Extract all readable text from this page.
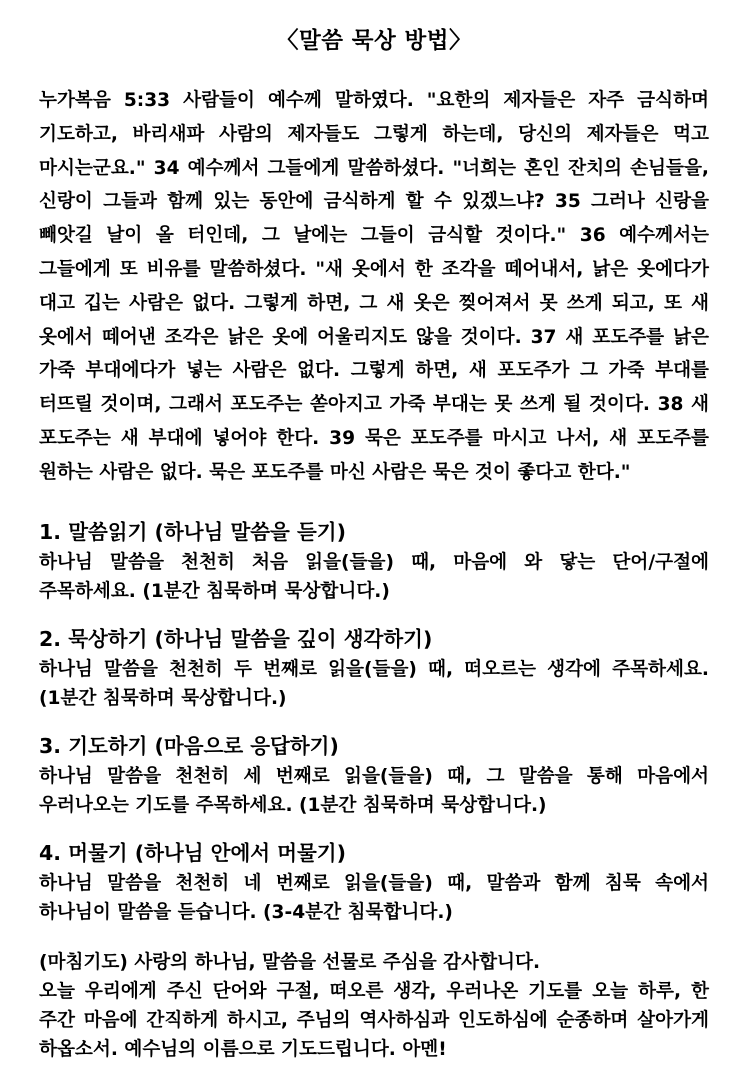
〈말씀 묵상 방법〉

누가복음 5:33 사람들이 예수께 말하였다. "요한의 제자들은 자주 금식하며 기도하고, 바리새파 사람의 제자들도 그렇게 하는데, 당신의 제자들은 먹고 마시는군요." 34 예수께서 그들에게 말씀하셨다. "너희는 혼인 잔치의 손님들을, 신랑이 그들과 함께 있는 동안에 금식하게 할 수 있겠느냐? 35 그러나 신랑을 빼앗길 날이 올 터인데, 그 날에는 그들이 금식할 것이다." 36 예수께서는 그들에게 또 비유를 말씀하셨다. "새 옷에서 한 조각을 떼어내서, 낡은 옷에다가 대고 깁는 사람은 없다. 그렇게 하면, 그 새 옷은 찢어져서 못 쓰게 되고, 또 새 옷에서 떼어낸 조각은 낡은 옷에 어울리지도 않을 것이다. 37 새 포도주를 낡은 가죽 부대에다가 넣는 사람은 없다. 그렇게 하면, 새 포도주가 그 가죽 부대를 터뜨릴 것이며, 그래서 포도주는 쏟아지고 가죽 부대는 못 쓰게 될 것이다. 38 새 포도주는 새 부대에 넣어야 한다. 39 묵은 포도주를 마시고 나서, 새 포도주를 원하는 사람은 없다. 묵은 포도주를 마신 사람은 묵은 것이 좋다고 한다."

1. 말씀읽기 (하나님 말씀을 듣기)

하나님 말씀을 천천히 처음 읽을(들을) 때, 마음에 와 닿는 단어/구절에 주목하세요. (1분간 침묵하며 묵상합니다.)

2. 묵상하기 (하나님 말씀을 깊이 생각하기)

하나님 말씀을 천천히 두 번째로 읽을(들을) 때, 떠오르는 생각에 주목하세요. (1분간 침묵하며 묵상합니다.)

3. 기도하기 (마음으로 응답하기)

하나님 말씀을 천천히 세 번째로 읽을(들을) 때, 그 말씀을 통해 마음에서 우러나오는 기도를 주목하세요. (1분간 침묵하며 묵상합니다.)

4. 머물기 (하나님 안에서 머물기)

하나님 말씀을 천천히 네 번째로 읽을(들을) 때, 말씀과 함께 침묵 속에서 하나님이 말씀을 듣습니다. (3-4분간 침묵합니다.)

(마침기도) 사랑의 하나님, 말씀을 선물로 주심을 감사합니다.

오늘 우리에게 주신 단어와 구절, 떠오른 생각, 우러나온 기도를 오늘 하루, 한 주간 마음에 간직하게 하시고, 주님의 역사하심과 인도하심에 순종하며 살아가게 하옵소서. 예수님의 이름으로 기도드립니다. 아멘!
